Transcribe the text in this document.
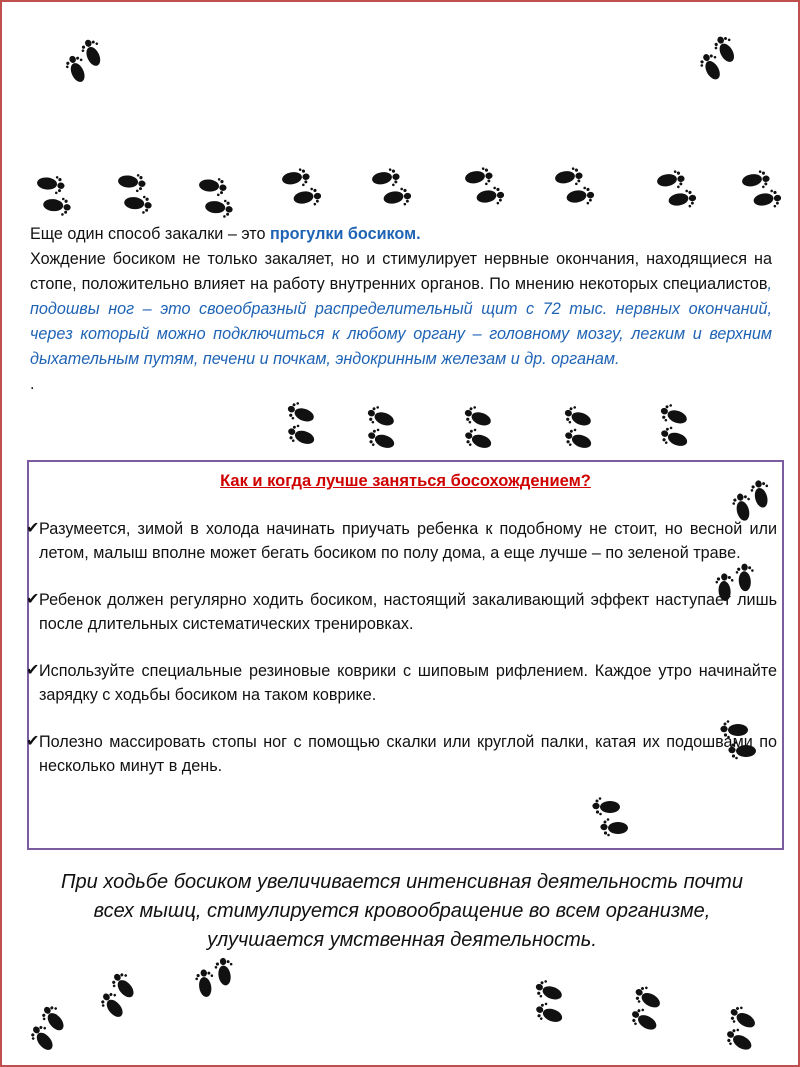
Еще один способ закалки – это прогулки босиком.
Хождение босиком не только закаляет, но и стимулирует нервные окончания, находящиеся на стопе, положительно влияет на работу внутренних органов. По мнению некоторых специалистов, подошвы ног – это своеобразный распределительный щит с 72 тыс. нервных окончаний, через который можно подключиться к любому органу – головному мозгу, легким и верхним дыхательным путям, печени и почкам, эндокринным железам и др. органам.
.
Как и когда лучше заняться босохождением?
✔ Разумеется, зимой в холода начинать приучать ребенка к подобному не стоит, но весной или летом, малыш вполне может бегать босиком по полу дома, а еще лучше – по зеленой траве.
✔ Ребенок должен регулярно ходить босиком, настоящий закаливающий эффект наступает лишь после длительных систематических тренировках.
✔ Используйте специальные резиновые коврики с шиповым рифлением. Каждое утро начинайте зарядку с ходьбы босиком на таком коврике.
✔ Полезно массировать стопы ног с помощью скалки или круглой палки, катая их подошвами по несколько минут в день.
При ходьбе босиком увеличивается интенсивная деятельность почти всех мышц, стимулируется кровообращение во всем организме, улучшается умственная деятельность.
